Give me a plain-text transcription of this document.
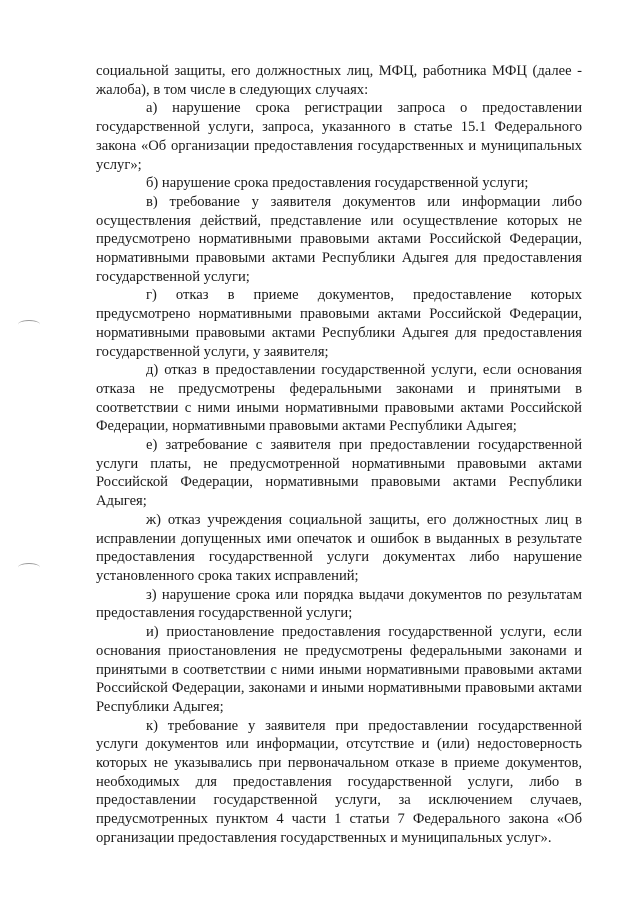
социальной защиты, его должностных лиц, МФЦ, работника МФЦ (далее - жалоба), в том числе в следующих случаях:

а) нарушение срока регистрации запроса о предоставлении государственной услуги, запроса, указанного в статье 15.1 Федерального закона «Об организации предоставления государственных и муниципальных услуг»;

б) нарушение срока предоставления государственной услуги;

в) требование у заявителя документов или информации либо осуществления действий, представление или осуществление которых не предусмотрено нормативными правовыми актами Российской Федерации, нормативными правовыми актами Республики Адыгея для предоставления государственной услуги;

г) отказ в приеме документов, предоставление которых предусмотрено нормативными правовыми актами Российской Федерации, нормативными правовыми актами Республики Адыгея для предоставления государственной услуги, у заявителя;

д) отказ в предоставлении государственной услуги, если основания отказа не предусмотрены федеральными законами и принятыми в соответствии с ними иными нормативными правовыми актами Российской Федерации, нормативными правовыми актами Республики Адыгея;

е) затребование с заявителя при предоставлении государственной услуги платы, не предусмотренной нормативными правовыми актами Российской Федерации, нормативными правовыми актами Республики Адыгея;

ж) отказ учреждения социальной защиты, его должностных лиц в исправлении допущенных ими опечаток и ошибок в выданных в результате предоставления государственной услуги документах либо нарушение установленного срока таких исправлений;

з) нарушение срока или порядка выдачи документов по результатам предоставления государственной услуги;

и) приостановление предоставления государственной услуги, если основания приостановления не предусмотрены федеральными законами и принятыми в соответствии с ними иными нормативными правовыми актами Российской Федерации, законами и иными нормативными правовыми актами Республики Адыгея;

к) требование у заявителя при предоставлении государственной услуги документов или информации, отсутствие и (или) недостоверность которых не указывались при первоначальном отказе в приеме документов, необходимых для предоставления государственной услуги, либо в предоставлении государственной услуги, за исключением случаев, предусмотренных пунктом 4 части 1 статьи 7 Федерального закона «Об организации предоставления государственных и муниципальных услуг».
